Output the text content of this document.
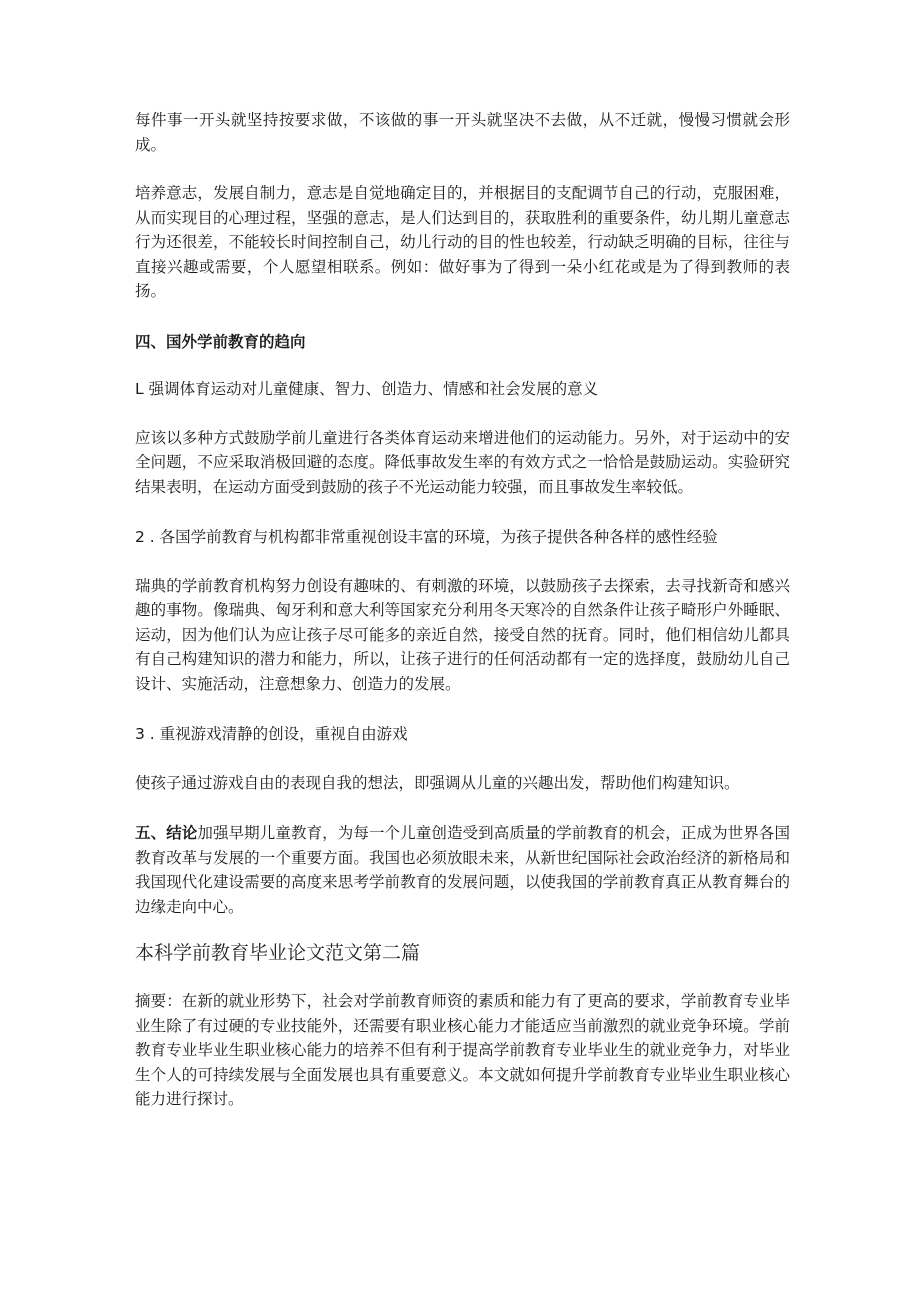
每件事一开头就坚持按要求做，不该做的事一开头就坚决不去做，从不迁就，慢慢习惯就会形成。

培养意志，发展自制力，意志是自觉地确定目的，并根据目的支配调节自己的行动，克服困难，从而实现目的心理过程，坚强的意志，是人们达到目的，获取胜利的重要条件，幼儿期儿童意志行为还很差，不能较长时间控制自己，幼儿行动的目的性也较差，行动缺乏明确的目标，往往与直接兴趣或需要，个人愿望相联系。例如：做好事为了得到一朵小红花或是为了得到教师的表扬。

四、国外学前教育的趋向

L 强调体育运动对儿童健康、智力、创造力、情感和社会发展的意义

应该以多种方式鼓励学前儿童进行各类体育运动来增进他们的运动能力。另外，对于运动中的安全问题，不应采取消极回避的态度。降低事故发生率的有效方式之一恰恰是鼓励运动。实验研究结果表明，在运动方面受到鼓励的孩子不光运动能力较强，而且事故发生率较低。

2 . 各国学前教育与机构都非常重视创设丰富的环境，为孩子提供各种各样的感性经验

瑞典的学前教育机构努力创设有趣味的、有刺激的环境，以鼓励孩子去探索，去寻找新奇和感兴趣的事物。像瑞典、匈牙利和意大利等国家充分利用冬天寒冷的自然条件让孩子畸形户外睡眠、运动，因为他们认为应让孩子尽可能多的亲近自然，接受自然的抚育。同时，他们相信幼儿都具有自己构建知识的潜力和能力，所以，让孩子进行的任何活动都有一定的选择度，鼓励幼儿自己设计、实施活动，注意想象力、创造力的发展。

3 . 重视游戏清静的创设，重视自由游戏

使孩子通过游戏自由的表现自我的想法，即强调从儿童的兴趣出发，帮助他们构建知识。

五、结论加强早期儿童教育，为每一个儿童创造受到高质量的学前教育的机会，正成为世界各国教育改革与发展的一个重要方面。我国也必须放眼未来，从新世纪国际社会政治经济的新格局和我国现代化建设需要的高度来思考学前教育的发展问题，以使我国的学前教育真正从教育舞台的边缘走向中心。

本科学前教育毕业论文范文第二篇

摘要：在新的就业形势下，社会对学前教育师资的素质和能力有了更高的要求，学前教育专业毕业生除了有过硬的专业技能外，还需要有职业核心能力才能适应当前激烈的就业竞争环境。学前教育专业毕业生职业核心能力的培养不但有利于提高学前教育专业毕业生的就业竞争力，对毕业生个人的可持续发展与全面发展也具有重要意义。本文就如何提升学前教育专业毕业生职业核心能力进行探讨。
